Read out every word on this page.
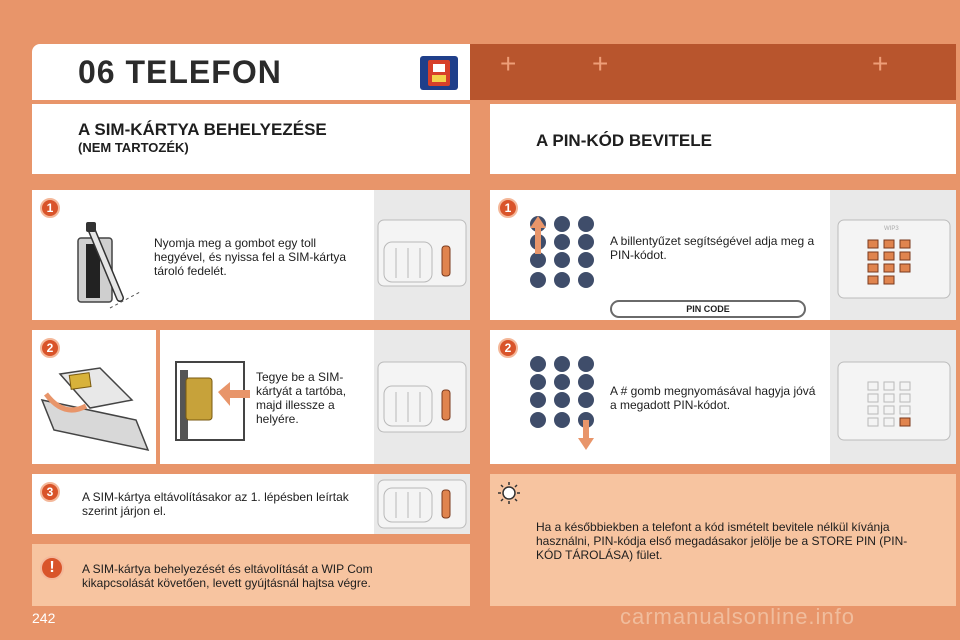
+	+	+
06 TELEFON
A SIM-KÁRTYA BEHELYEZÉSE
(NEM TARTOZÉK)	A PIN-KÓD BEVITELE
1
Nyomja meg a gombot egy toll hegyével, és nyissa fel a SIM-kártya tároló fedelét.
2
Tegye be a SIM-kártyát a tartóba, majd illessze a helyére.
3	A SIM-kártya eltávolításakor az 1. lépésben leírtak szerint járjon el.
!	A SIM-kártya behelyezését és eltávolítását a WIP Com kikapcsolását követően, levett gyújtásnál hajtsa végre.
1
A billentyűzet segítségével adja meg a PIN-kódot.
PIN CODE
WIP3
2
A # gomb megnyomásával hagyja jóvá a megadott PIN-kódot.
Ha a későbbiekben a telefont a kód ismételt bevitele nélkül kívánja használni, PIN-kódja első megadásakor jelölje be a STORE PIN (PIN-KÓD TÁROLÁSA) fület.
242	carmanualsonline.info
